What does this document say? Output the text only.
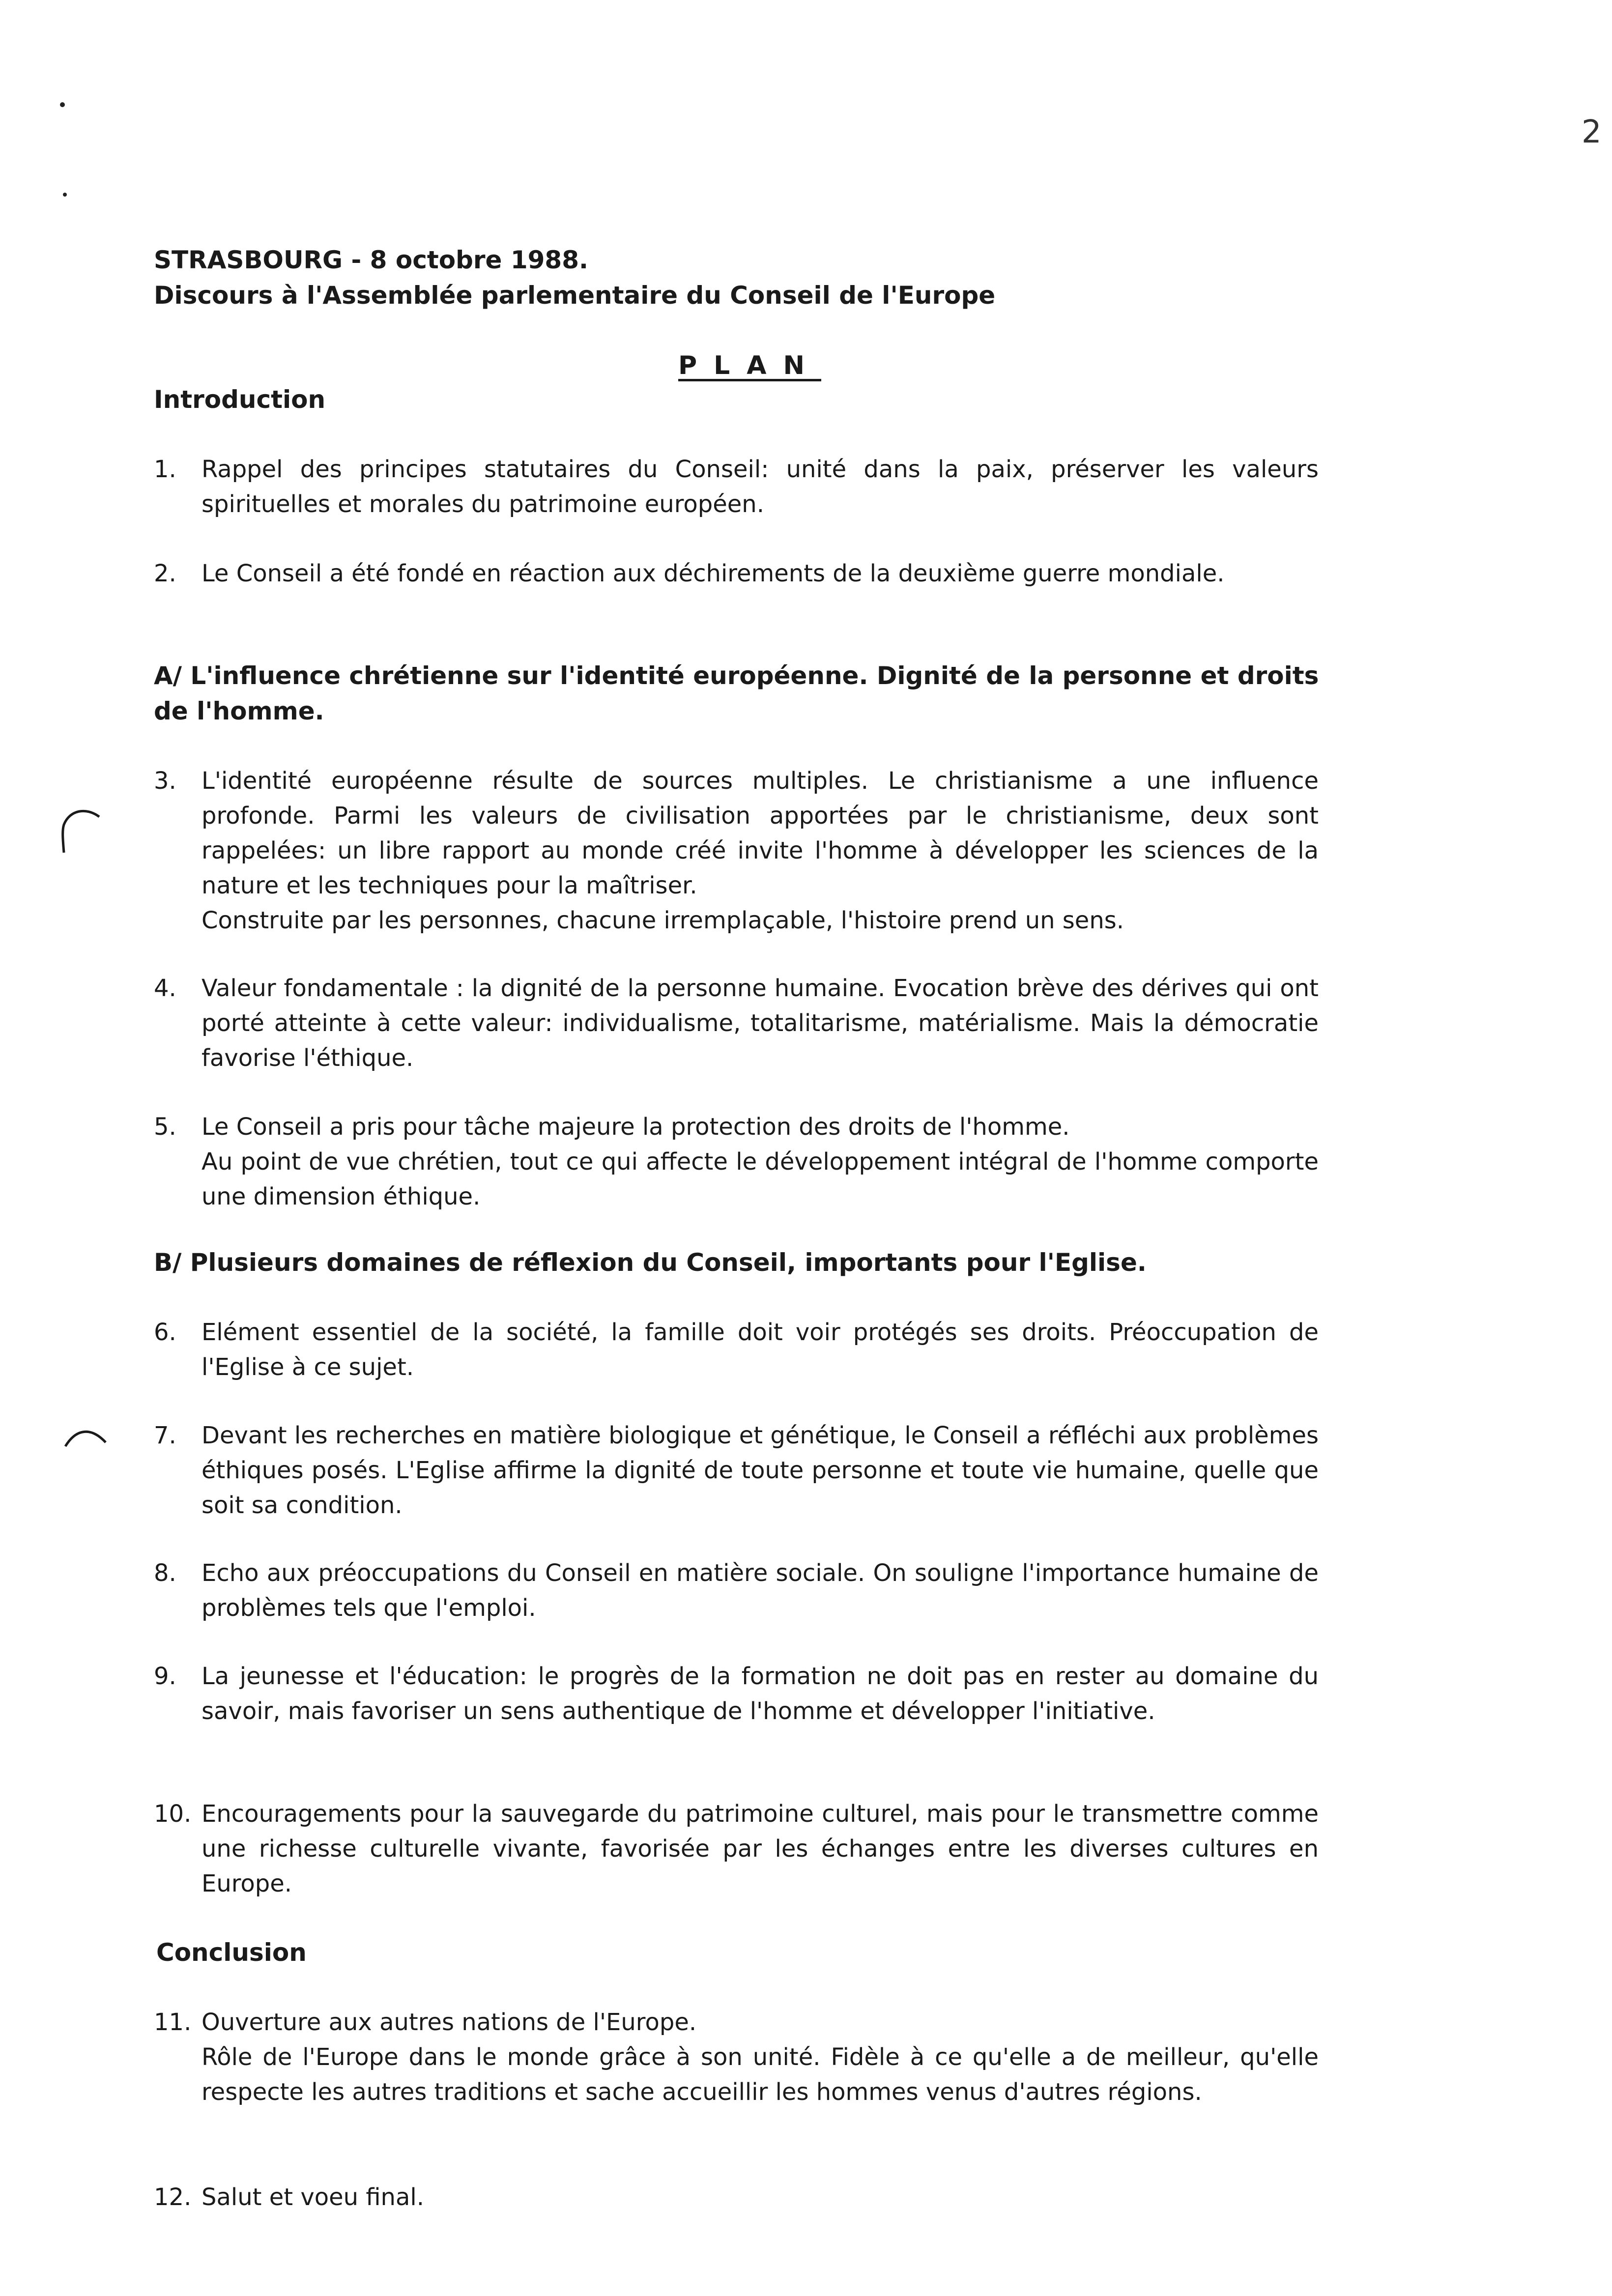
2
STRASBOURG - 8 octobre 1988.
Discours à l'Assemblée parlementaire du Conseil de l'Europe
PLAN
Introduction
1.	Rappel des principes statutaires du Conseil: unité dans la paix, préserver les valeurs spirituelles et morales du patrimoine européen.

2.	Le Conseil a été fondé en réaction aux déchirements de la deuxième guerre mondiale.

A/ L'influence chrétienne sur l'identité européenne. Dignité de la personne et droits
de l'homme.
3.	L'identité européenne résulte de sources multiples. Le christianisme a une influence profonde. Parmi les valeurs de civilisation apportées par le christianisme, deux sont rappelées: un libre rapport au monde créé invite l'homme à développer les sciences de la nature et les techniques pour la maîtriser.

Construite par les personnes, chacune irremplaçable, l'histoire prend un sens.

4.	Valeur fondamentale : la dignité de la personne humaine. Evocation brève des dérives qui ont porté atteinte à cette valeur: individualisme, totalitarisme, matérialisme. Mais la démocratie favorise l'éthique.

5.	Le Conseil a pris pour tâche majeure la protection des droits de l'homme.

Au point de vue chrétien, tout ce qui affecte le développement intégral de l'homme comporte une dimension éthique.

B/ Plusieurs domaines de réflexion du Conseil, importants pour l'Eglise.
6.	Elément essentiel de la société, la famille doit voir protégés ses droits. Préoccupation de l'Eglise à ce sujet.

7.	Devant les recherches en matière biologique et génétique, le Conseil a réfléchi aux problèmes éthiques posés. L'Eglise affirme la dignité de toute personne et toute vie humaine, quelle que soit sa condition.

8.	Echo aux préoccupations du Conseil en matière sociale. On souligne l'importance humaine de problèmes tels que l'emploi.

9.	La jeunesse et l'éducation: le progrès de la formation ne doit pas en rester au domaine du savoir, mais favoriser un sens authentique de l'homme et développer l'initiative.

10. Encouragements pour la sauvegarde du patrimoine culturel, mais pour le transmettre comme une richesse culturelle vivante, favorisée par les échanges entre les diverses cultures en Europe.

Conclusion
11. Ouverture aux autres nations de l'Europe.

Rôle de l'Europe dans le monde grâce à son unité. Fidèle à ce qu'elle a de meilleur, qu'elle respecte les autres traditions et sache accueillir les hommes venus d'autres régions.

12. Salut et voeu final.
